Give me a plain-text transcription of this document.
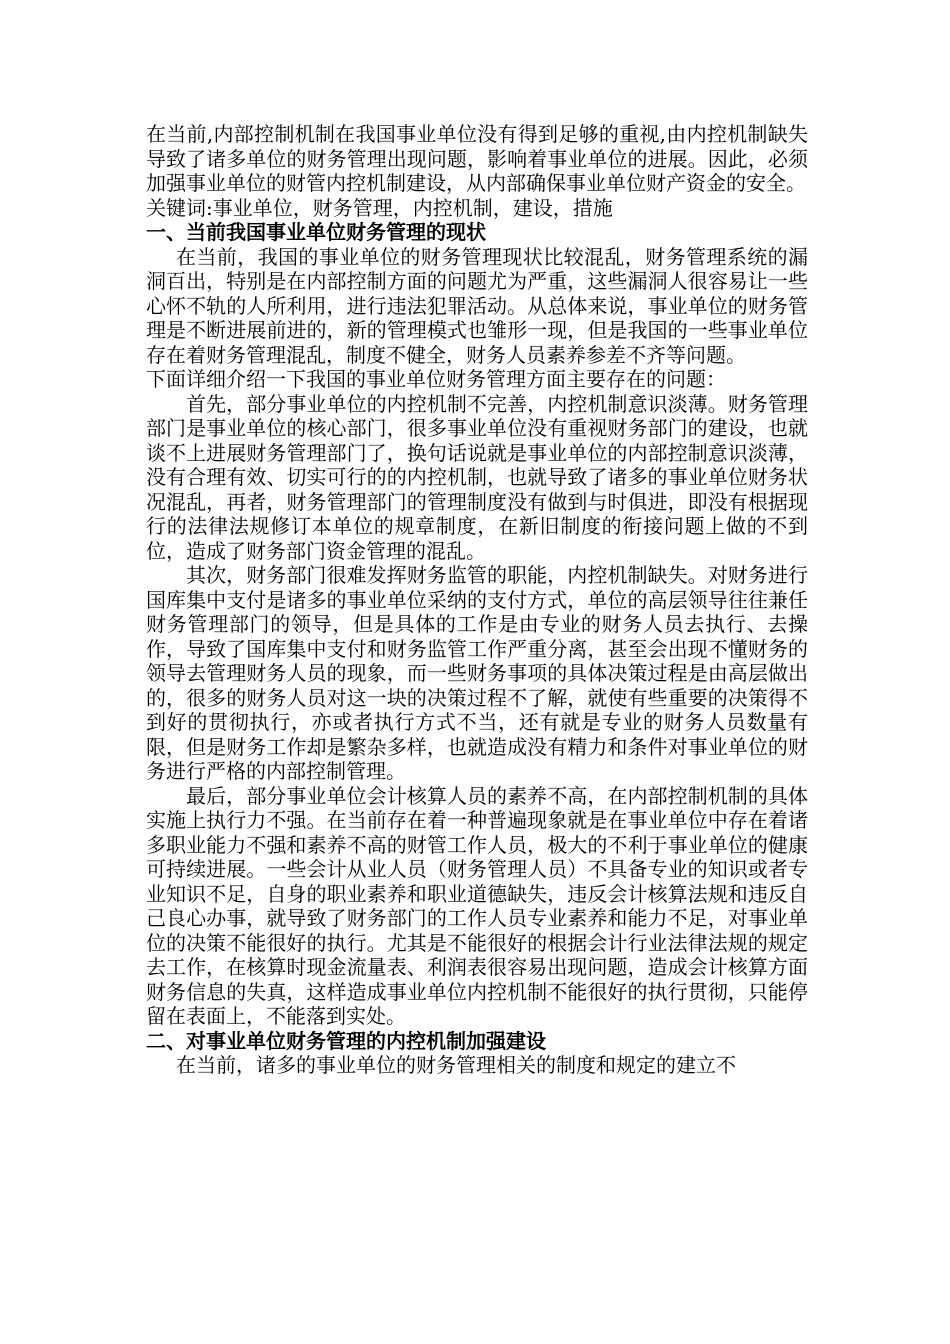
在当前,内部控制机制在我国事业单位没有得到足够的重视,由内控机制缺失导致了诸多单位的财务管理出现问题，影响着事业单位的进展。因此，必须加强事业单位的财管内控机制建设，从内部确保事业单位财产资金的安全。

关键词:事业单位，财务管理，内控机制，建设，措施

一、当前我国事业单位财务管理的现状

在当前，我国的事业单位的财务管理现状比较混乱，财务管理系统的漏洞百出，特别是在内部控制方面的问题尤为严重，这些漏洞人很容易让一些心怀不轨的人所利用，进行违法犯罪活动。从总体来说，事业单位的财务管理是不断进展前进的，新的管理模式也雏形一现，但是我国的一些事业单位存在着财务管理混乱，制度不健全，财务人员素养参差不齐等问题。

下面详细介绍一下我国的事业单位财务管理方面主要存在的问题：

首先，部分事业单位的内控机制不完善，内控机制意识淡薄。财务管理部门是事业单位的核心部门，很多事业单位没有重视财务部门的建设，也就谈不上进展财务管理部门了，换句话说就是事业单位的内部控制意识淡薄，没有合理有效、切实可行的的内控机制，也就导致了诸多的事业单位财务状况混乱，再者，财务管理部门的管理制度没有做到与时俱进，即没有根据现行的法律法规修订本单位的规章制度，在新旧制度的衔接问题上做的不到位，造成了财务部门资金管理的混乱。

其次，财务部门很难发挥财务监管的职能，内控机制缺失。对财务进行国库集中支付是诸多的事业单位采纳的支付方式，单位的高层领导往往兼任财务管理部门的领导，但是具体的工作是由专业的财务人员去执行、去操作，导致了国库集中支付和财务监管工作严重分离，甚至会出现不懂财务的领导去管理财务人员的现象，而一些财务事项的具体决策过程是由高层做出的，很多的财务人员对这一块的决策过程不了解，就使有些重要的决策得不到好的贯彻执行，亦或者执行方式不当，还有就是专业的财务人员数量有限，但是财务工作却是繁杂多样，也就造成没有精力和条件对事业单位的财务进行严格的内部控制管理。

最后，部分事业单位会计核算人员的素养不高，在内部控制机制的具体实施上执行力不强。在当前存在着一种普遍现象就是在事业单位中存在着诸多职业能力不强和素养不高的财管工作人员，极大的不利于事业单位的健康可持续进展。一些会计从业人员（财务管理人员）不具备专业的知识或者专业知识不足，自身的职业素养和职业道德缺失，违反会计核算法规和违反自己良心办事，就导致了财务部门的工作人员专业素养和能力不足，对事业单位的决策不能很好的执行。尤其是不能很好的根据会计行业法律法规的规定去工作，在核算时现金流量表、利润表很容易出现问题，造成会计核算方面财务信息的失真，这样造成事业单位内控机制不能很好的执行贯彻，只能停留在表面上，不能落到实处。

二、对事业单位财务管理的内控机制加强建设

在当前，诸多的事业单位的财务管理相关的制度和规定的建立不
